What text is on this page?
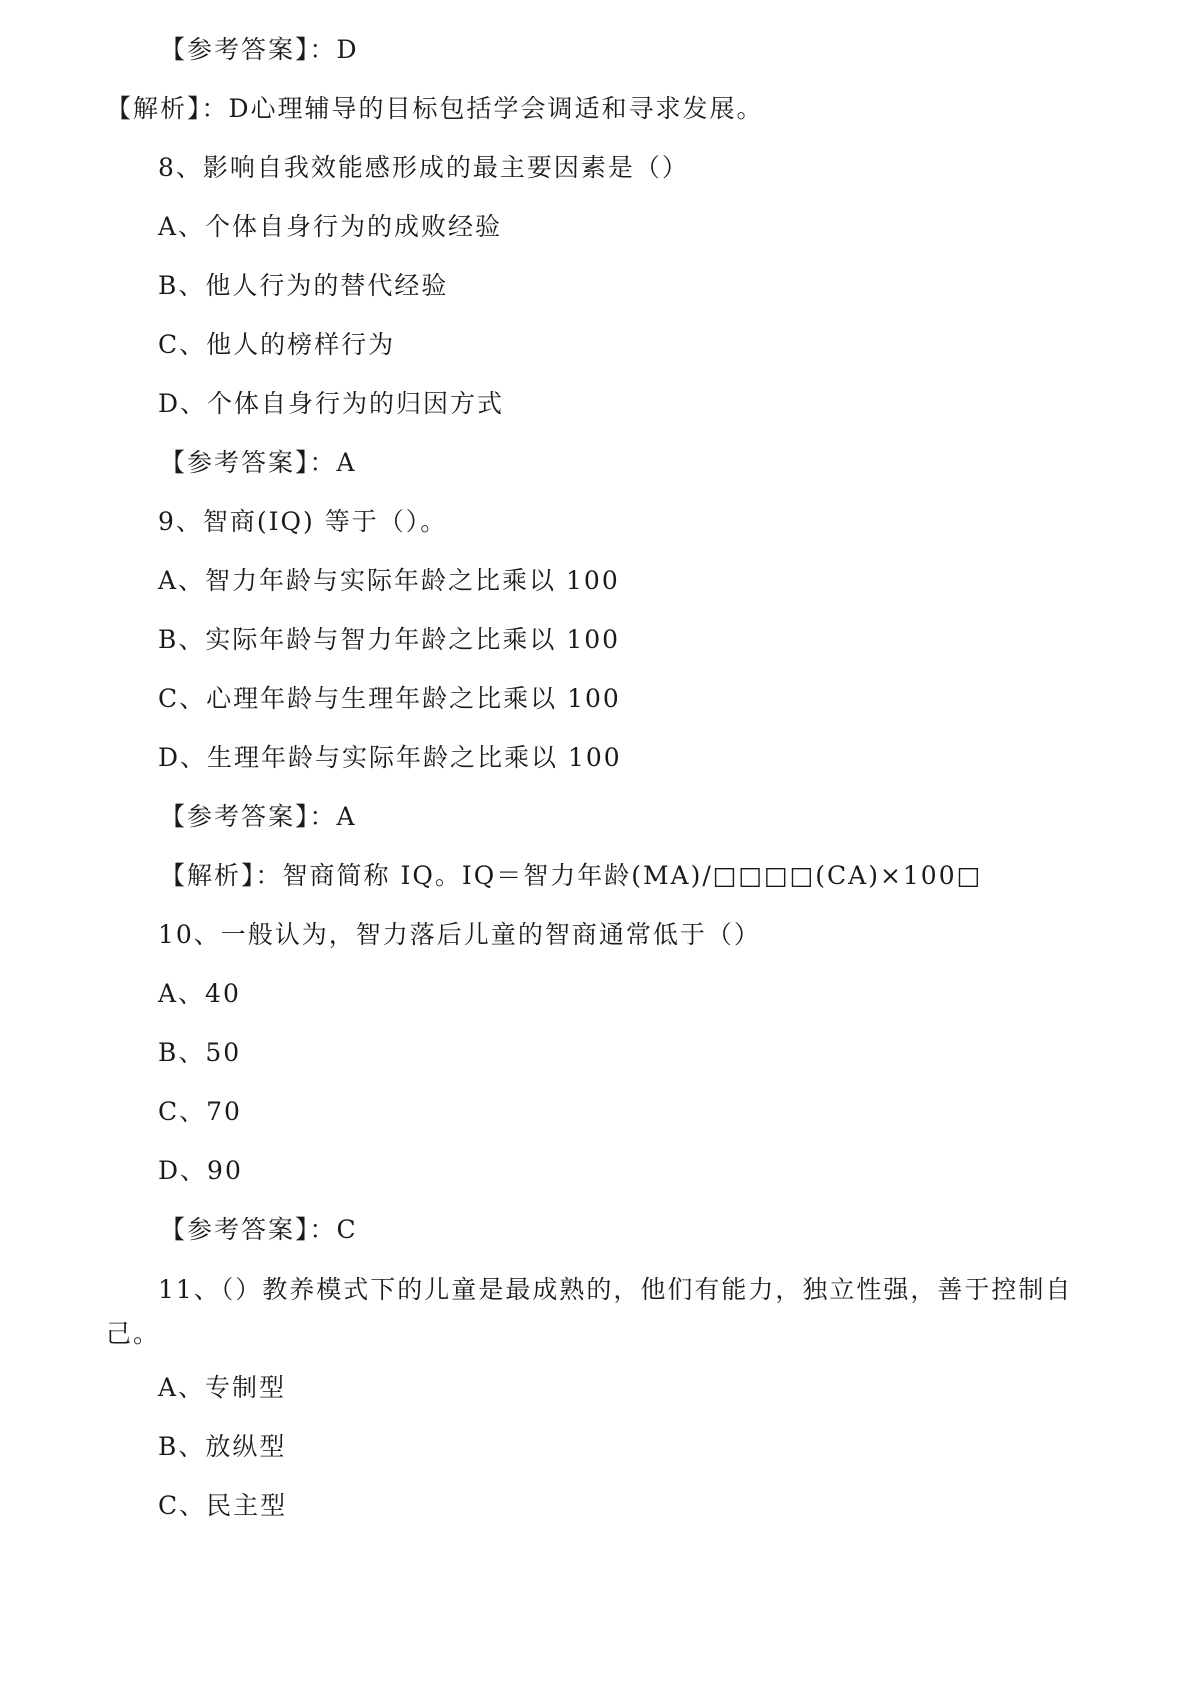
【参考答案】：D
【解析】：D心理辅导的目标包括学会调适和寻求发展。
8、影响自我效能感形成的最主要因素是（）
A、个体自身行为的成败经验
B、他人行为的替代经验
C、他人的榜样行为
D、个体自身行为的归因方式
【参考答案】：A
9、智商(IQ) 等于（）。
A、智力年龄与实际年龄之比乘以 100
B、实际年龄与智力年龄之比乘以 100
C、心理年龄与生理年龄之比乘以 100
D、生理年龄与实际年龄之比乘以 100
【参考答案】：A
【解析】：智商简称 IQ。IQ＝智力年龄(MA)/□□□□(CA)×100□
10、一般认为，智力落后儿童的智商通常低于（）
A、40
B、50
C、70
D、90
【参考答案】：C
11、（）教养模式下的儿童是最成熟的，他们有能力，独立性强，善于控制自己。
A、专制型
B、放纵型
C、民主型
